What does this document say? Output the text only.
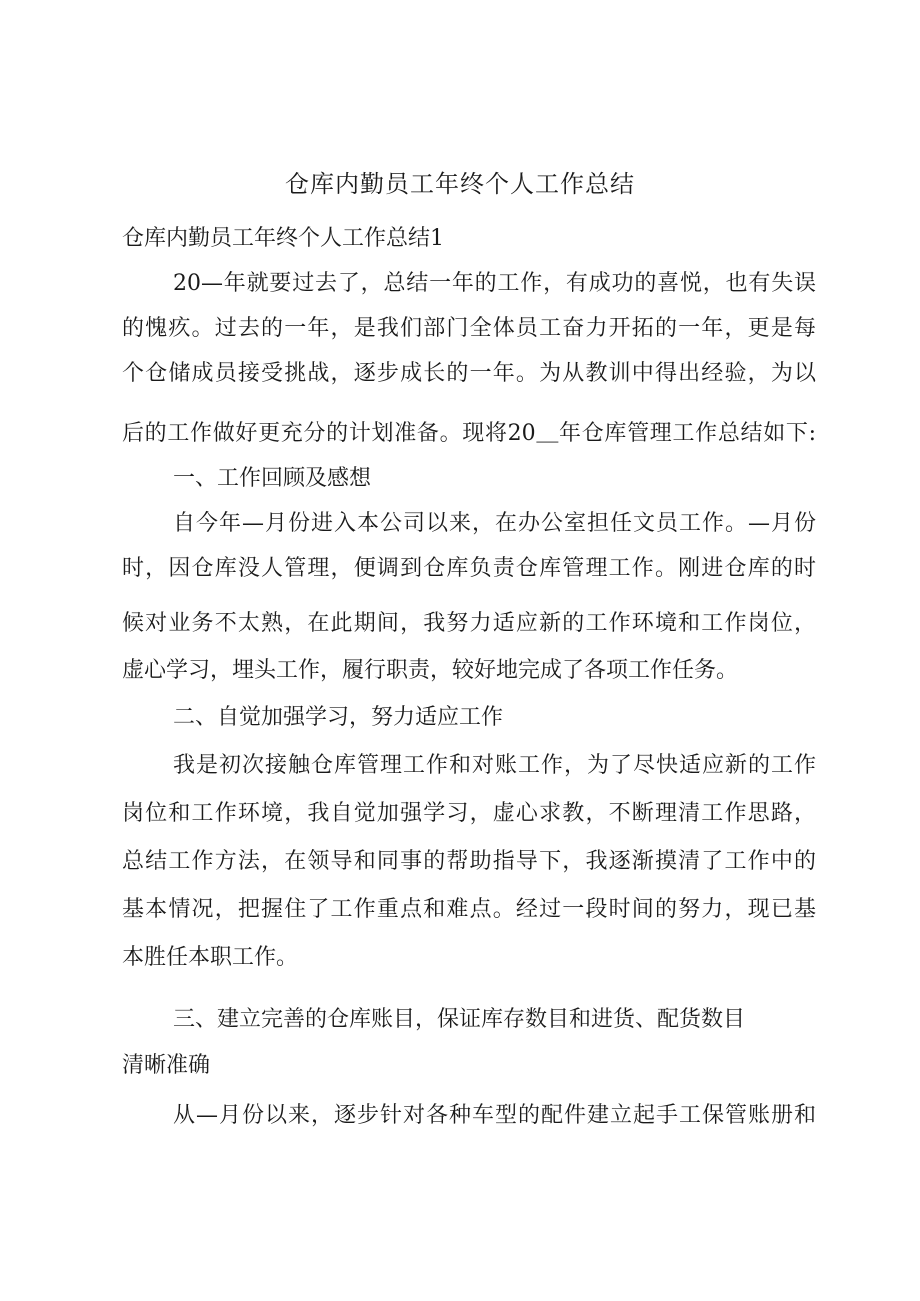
仓库内勤员工年终个人工作总结
仓库内勤员工年终个人工作总结1
20—年就要过去了，总结一年的工作，有成功的喜悦，也有失误
的愧疚。过去的一年，是我们部门全体员工奋力开拓的一年，更是每
个仓储成员接受挑战，逐步成长的一年。为从教训中得出经验，为以
后的工作做好更充分的计划准备。现将20＿年仓库管理工作总结如下:
一、工作回顾及感想
自今年—月份进入本公司以来，在办公室担任文员工作。—月份
时，因仓库没人管理，便调到仓库负责仓库管理工作。刚进仓库的时
候对业务不太熟，在此期间，我努力适应新的工作环境和工作岗位，
虚心学习，埋头工作，履行职责，较好地完成了各项工作任务。
二、自觉加强学习，努力适应工作
我是初次接触仓库管理工作和对账工作，为了尽快适应新的工作
岗位和工作环境，我自觉加强学习，虚心求教，不断理清工作思路，
总结工作方法，在领导和同事的帮助指导下，我逐渐摸清了工作中的
基本情况，把握住了工作重点和难点。经过一段时间的努力，现已基
本胜任本职工作。
三、建立完善的仓库账目，保证库存数目和进货、配货数目
清晰准确
从—月份以来，逐步针对各种车型的配件建立起手工保管账册和
